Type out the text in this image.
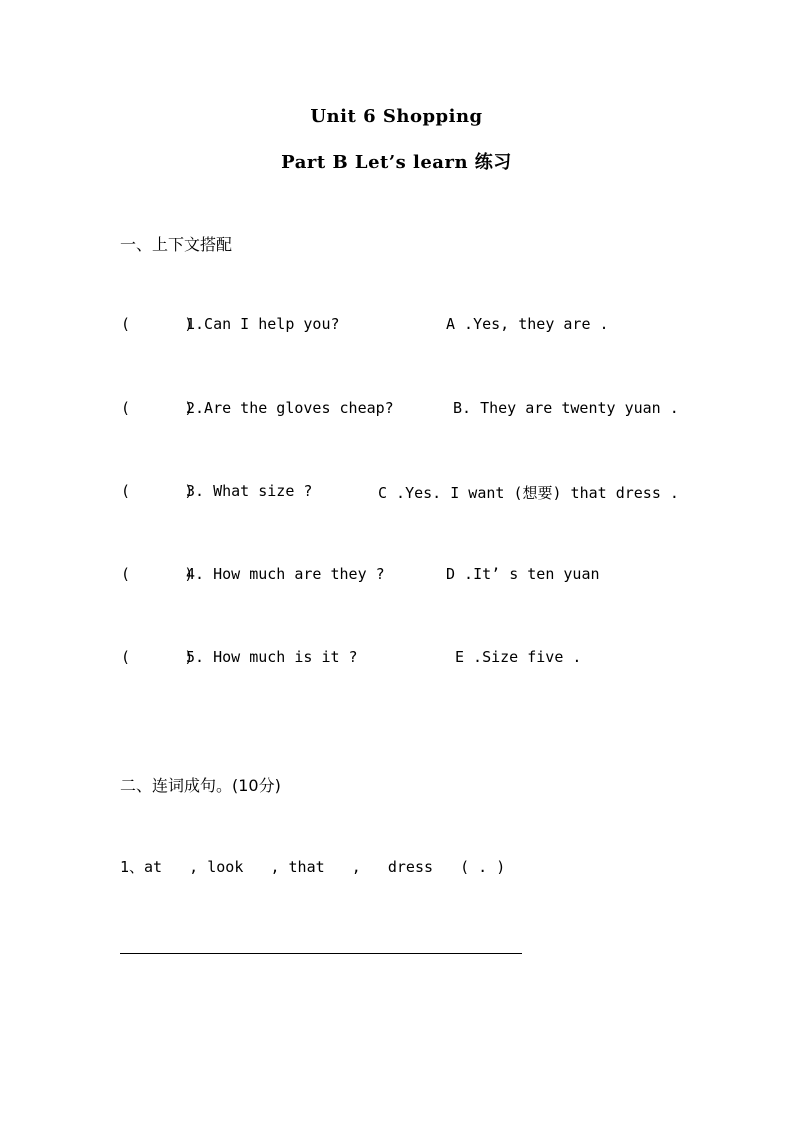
Unit 6 Shopping
Part B Let’s learn 练习
一、上下文搭配
(      )
1.Can I help you?	A .Yes, they are .
(      )
2.Are the gloves cheap?	B. They are twenty yuan .
(      )
3. What size ?	C .Yes. I want (想要) that dress .
(      )
4. How much are they ?	D .It’ s ten yuan
(      )
5. How much is it ?	E .Size five .
二、连词成句。(10分)
1、at   , look   , that   ,   dress   ( . )
